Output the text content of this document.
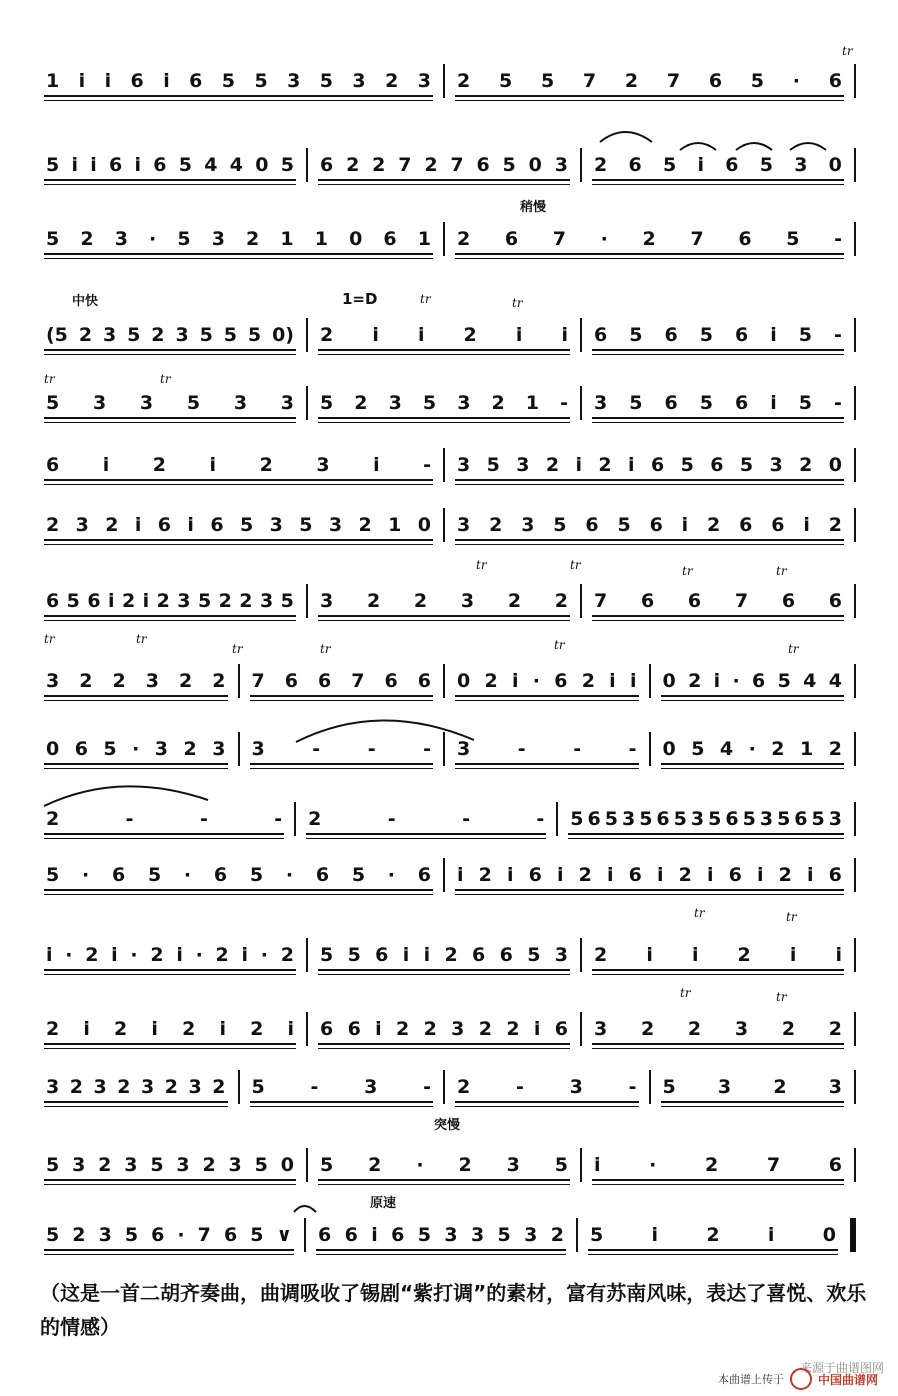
稍慢
中快	1=D
突慢
原速
tr
tr	tr
tr	tr
tr	tr	tr	tr
tr	tr
tr	tr	tr	tr
tr	tr
tr	tr
1 i i 6 i 6 5 5 3 5 3 2 3 2 5 5 7 2 7 6 5 · 6
5 i i 6 i 6 5 4 4 0 5 6 2 2 7 2 7 6 5 0 3 2 6 5 i 6 5 3 0
5 2 3 · 5 3 2 1 1 0 6 1 2 6 7 · 2 7 6 5 -
(5 2 3 5 2 3 5 5 5 0) 2 i i 2 i i 6 5 6 5 6 i 5 -
5 3 3 5 3 3 5 2 3 5 3 2 1 - 3 5 6 5 6 i 5 -
6 i 2 i 2 3 i - 3 5 3 2 i 2 i 6 5 6 5 3 2 0
2 3 2 i 6 i 6 5 3 5 3 2 1 0 3 2 3 5 6 5 6 i 2 6 6 i 2
6 5 6 i 2 i 2 3 5 2 2 3 5 3 2 2 3 2 2 7 6 6 7 6 6
3 2 2 3 2 2 7 6 6 7 6 6 0 2 i · 6 2 i i 0 2 i · 6 5 4 4
0 6 5 · 3 2 3 3	-	-	- 3	-	-	- 0 5 4 · 2 1 2
2	-	-	- 2	-	-	- 5 6 5 3 5 6 5 3 5 6 5 3 5 6 5 3
5 · 6 5 · 6 5 · 6 5 · 6 i 2 i 6 i 2 i 6 i 2 i 6 i 2 i 6
i · 2 i · 2 i · 2 i · 2 5 5 6 i i 2 6 6 5 3 2 i i 2 i i
2 i 2 i 2 i 2 i 6 6 i 2 2 3 2 2 i 6 3 2 2 3 2 2
3 2 3 2 3 2 3 2 5 - 3 - 2 - 3 - 5 3 2 3
5 3 2 3 5 3 2 3 5 0 5 2 · 2 3 5 i	·	2	7	6
5 2 3 5 6 · 7 6 5 ∨ 6 6 i 6 5 3 3 5 3 2 5	i	2	i	0
（这是一首二胡齐奏曲，曲调吸收了锡剧“紫打调”的素材，富有苏南风味，表达了喜悦、欢乐的情感）
来源于曲谱图网
本曲谱上传于	中国曲谱网
